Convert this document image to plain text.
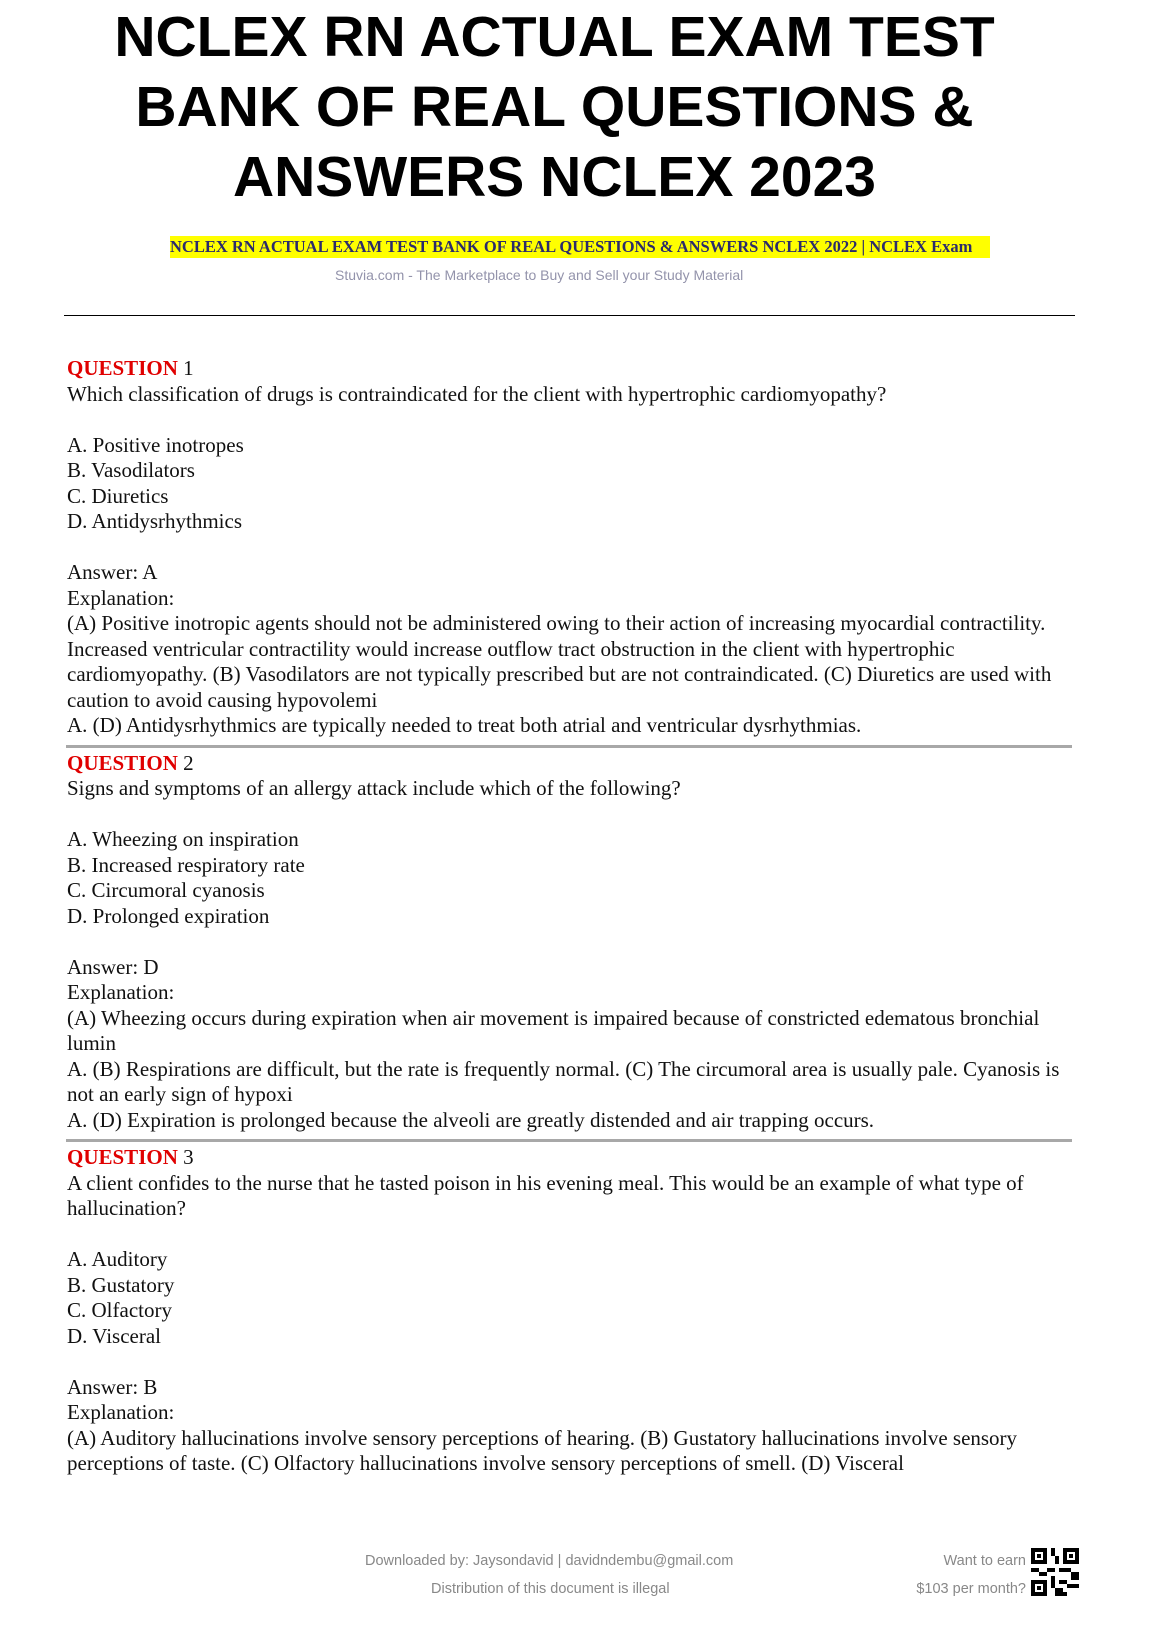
NCLEX RN ACTUAL EXAM TEST
BANK OF REAL QUESTIONS &
ANSWERS NCLEX 2023
NCLEX RN ACTUAL EXAM TEST BANK OF REAL QUESTIONS & ANSWERS NCLEX 2022 | NCLEX Exam
Stuvia.com - The Marketplace to Buy and Sell your Study Material

QUESTION 1

Which classification of drugs is contraindicated for the client with hypertrophic cardiomyopathy?

A. Positive inotropes

B. Vasodilators

C. Diuretics

D. Antidysrhythmics

Answer: A

Explanation:

(A) Positive inotropic agents should not be administered owing to their action of increasing myocardial contractility. Increased ventricular contractility would increase outflow tract obstruction in the client with hypertrophic cardiomyopathy. (B) Vasodilators are not typically prescribed but are not contraindicated. (C) Diuretics are used with caution to avoid causing hypovolemi

A. (D) Antidysrhythmics are typically needed to treat both atrial and ventricular dysrhythmias.

QUESTION 2

Signs and symptoms of an allergy attack include which of the following?

A. Wheezing on inspiration

B. Increased respiratory rate

C. Circumoral cyanosis

D. Prolonged expiration

Answer: D

Explanation:

(A) Wheezing occurs during expiration when air movement is impaired because of constricted edematous bronchial lumin

A. (B) Respirations are difficult, but the rate is frequently normal. (C) The circumoral area is usually pale. Cyanosis is not an early sign of hypoxi

A. (D) Expiration is prolonged because the alveoli are greatly distended and air trapping occurs.

QUESTION 3

A client confides to the nurse that he tasted poison in his evening meal. This would be an example of what type of hallucination?

A. Auditory

B. Gustatory

C. Olfactory

D. Visceral

Answer: B

Explanation:

(A) Auditory hallucinations involve sensory perceptions of hearing. (B) Gustatory hallucinations involve sensory perceptions of taste. (C) Olfactory hallucinations involve sensory perceptions of smell. (D) Visceral

Downloaded by: Jaysondavid | davidndembu@gmail.com
Distribution of this document is illegal
Want to earn
$103 per month?
